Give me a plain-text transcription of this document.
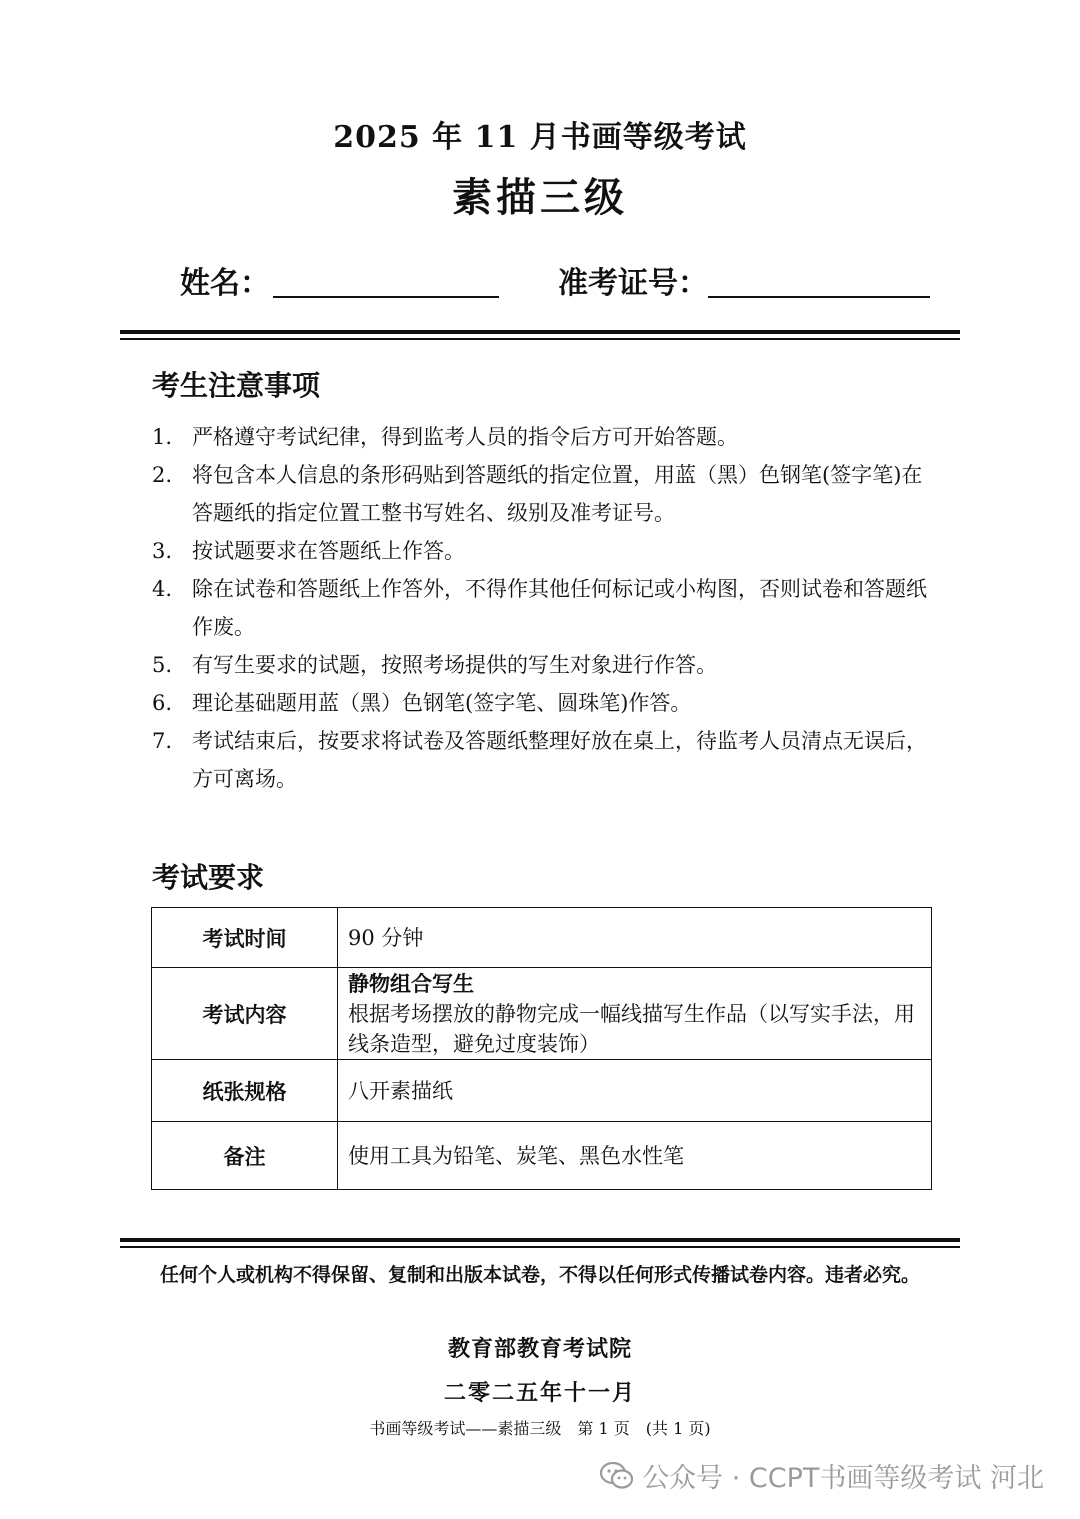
2025 年 11 月书画等级考试
素描三级
姓名：	准考证号：
考生注意事项
1. 严格遵守考试纪律，得到监考人员的指令后方可开始答题。
2. 将包含本人信息的条形码贴到答题纸的指定位置，用蓝（黑）色钢笔(签字笔)在答题纸的指定位置工整书写姓名、级别及准考证号。
3. 按试题要求在答题纸上作答。
4. 除在试卷和答题纸上作答外，不得作其他任何标记或小构图，否则试卷和答题纸作废。
5. 有写生要求的试题，按照考场提供的写生对象进行作答。
6. 理论基础题用蓝（黑）色钢笔(签字笔、圆珠笔)作答。
7. 考试结束后，按要求将试卷及答题纸整理好放在桌上，待监考人员清点无误后，方可离场。
考试要求
考试时间	90 分钟
考试内容	静物组合写生
根据考场摆放的静物完成一幅线描写生作品（以写实手法，用线条造型，避免过度装饰）

纸张规格	八开素描纸
备注	使用工具为铅笔、炭笔、黑色水性笔
任何个人或机构不得保留、复制和出版本试卷，不得以任何形式传播试卷内容。违者必究。
教育部教育考试院
二零二五年十一月
书画等级考试——素描三级　第 1 页　(共 1 页)
公众号 · CCPT书画等级考试 河北
